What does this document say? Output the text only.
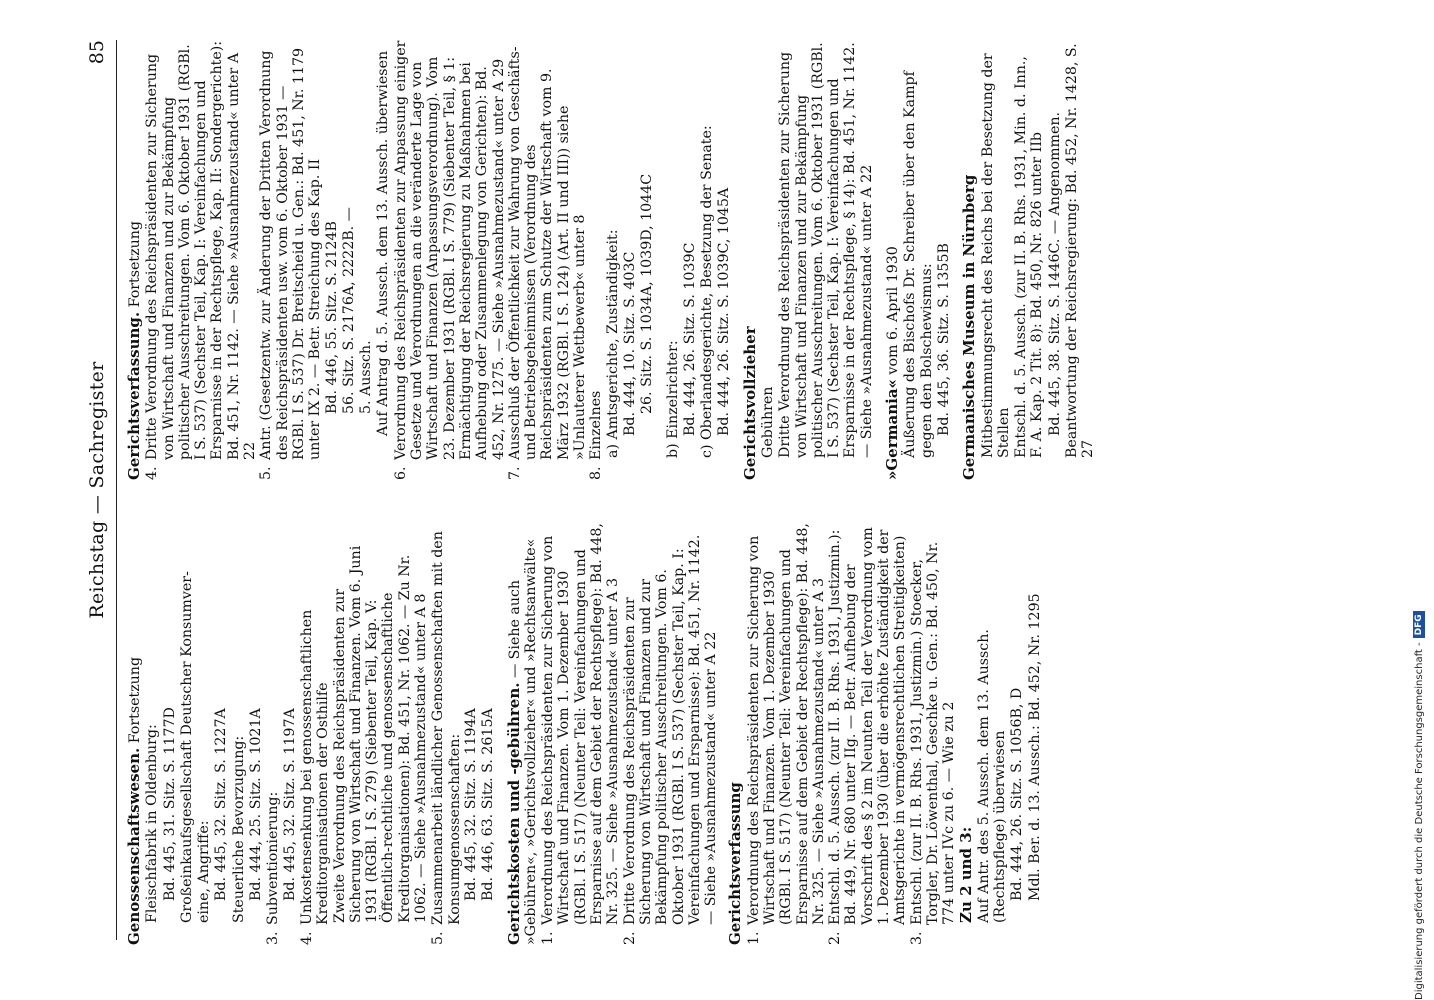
Reichstag — Sachregister
85
Genossenschaftswesen. Fortsetzung
Fleischfabrik in Oldenburg: Bd. 445, 31. Sitz. S. 1177D Großeinkaufsgesellschaft Deutscher Konsumver- eine, Angriffe: Bd. 445, 32. Sitz. S. 1227A Steuerliche Bevorzugung: Bd. 444, 25. Sitz. S. 1021A
3.
Subventionierung: Bd. 445, 32. Sitz. S. 1197A
4.
Unkostensenkung bei genossenschaftlichen Kreditorganisationen der Osthilfe Zweite Verordnung des Reichspräsidenten zur Sicherung von Wirtschaft und Finanzen. Vom 6. Juni 1931 (RGBl. I S. 279) (Siebenter Teil, Kap. V: Öffentlich-rechtliche und genossenschaftliche Kreditorganisationen): Bd. 451, Nr. 1062. — Zu Nr. 1062. — Siehe »Ausnahmezustand« unter A 8
5.
Zusammenarbeit ländlicher Genossenschaften mit den Konsumgenossenschaften: Bd. 445, 32. Sitz. S. 1194A Bd. 446, 63. Sitz. S. 2615A Gerichtskosten und -gebühren. — Siehe auch »Gebühren«, »Gerichtsvollzieher« und »Rechtsanwälte« 1.
Verordnung des Reichspräsidenten zur Sicherung von Wirtschaft und Finanzen. Vom 1. Dezember 1930 (RGBl. I S. 517) (Neunter Teil: Vereinfachungen und Ersparnisse auf dem Gebiet der Rechtspflege): Bd. 448, Nr. 325. — Siehe »Ausnahmezustand« unter A 3
2.
Dritte Verordnung des Reichspräsidenten zur Sicherung von Wirtschaft und Finanzen und zur Bekämpfung politischer Ausschreitungen. Vom 6. Oktober 1931 (RGBl. I S. 537) (Sechster Teil, Kap. I: Vereinfachungen und Ersparnisse): Bd. 451, Nr. 1142. — Siehe »Ausnahmezustand« unter A 22 Gerichtsverfassung 1.
Verordnung des Reichspräsidenten zur Sicherung von Wirtschaft und Finanzen. Vom 1. Dezember 1930 (RGBl. I S. 517) (Neunter Teil: Vereinfachungen und Ersparnisse auf dem Gebiet der Rechtspflege): Bd. 448, Nr. 325. — Siehe »Ausnahmezustand« unter A 3
2.
Entschl. d. 5. Aussch. (zur II. B. Rhs. 1931, Justizmin.): Bd. 449, Nr. 680 unter IIg. — Betr. Aufhebung der Vorschrift des § 2 im Neunten Teil der Verordnung vom 1. Dezember 1930 (über die erhöhte Zuständigkeit der Amtsgerichte in vermögensrechtlichen Streitigkeiten)
3.
Entschl. (zur II. B. Rhs. 1931, Justizmin.) Stoecker, Torgler, Dr. Löwenthal, Geschke u. Gen.: Bd. 450, Nr. 774 unter IVc zu 6. — Wie zu 2 Zu 2 und 3: Auf Antr. des 5. Aussch. dem 13. Aussch. (Rechtspflege) überwiesen Bd. 444, 26. Sitz. S. 1056B, D Mdl. Ber. d. 13. Aussch.: Bd. 452, Nr. 1295
Gerichtsverfassung. Fortsetzung
4.
Dritte Verordnung des Reichspräsidenten zur Sicherung von Wirtschaft und Finanzen und zur Bekämpfung politischer Ausschreitungen. Vom 6. Oktober 1931 (RGBl. I S. 537) (Sechster Teil, Kap. I: Vereinfachungen und Ersparnisse in der Rechtspflege, Kap. II: Sondergerichte): Bd. 451, Nr. 1142. — Siehe »Ausnahmezustand« unter A 22
5.
Antr. (Gesetzentw. zur Änderung der Dritten Verordnung des Reichspräsidenten usw. vom 6. Oktober 1931 — RGBl. I S. 537) Dr. Breitscheid u. Gen.: Bd. 451, Nr. 1179 unter IX 2. — Betr. Streichung des Kap. II Bd. 446, 55. Sitz. S. 2124B 56. Sitz. S. 2176A, 2222B. — 5. Aussch. Auf Antrag d. 5. Aussch. dem 13. Aussch. überwiesen
6.
Verordnung des Reichspräsidenten zur Anpassung einiger Gesetze und Verordnungen an die veränderte Lage von Wirtschaft und Finanzen (Anpassungsverordnung). Vom 23. Dezember 1931 (RGBl. I S. 779) (Siebenter Teil, § 1: Ermächtigung der Reichsregierung zu Maßnahmen bei Aufhebung oder Zusammenlegung von Gerichten): Bd. 452, Nr. 1275. — Siehe »Ausnahmezustand« unter A 29
7.
Ausschluß der Öffentlichkeit zur Wahrung von Geschäfts- und Betriebsgeheimnissen (Verordnung des Reichspräsidenten zum Schutze der Wirtschaft vom 9. März 1932 (RGBl. I S. 124) (Art. II und III)) siehe »Unlauterer Wettbewerb« unter 8
8.
Einzelnes a) Amtsgerichte, Zuständigkeit: Bd. 444, 10. Sitz. S. 403C 26. Sitz. S. 1034A, 1039D, 1044C b) Einzelrichter: Bd. 444, 26. Sitz. S. 1039C c) Oberlandesgerichte, Besetzung der Senate: Bd. 444, 26. Sitz. S. 1039C, 1045A Gerichtsvollzieher Gebühren Dritte Verordnung des Reichspräsidenten zur Sicherung von Wirtschaft und Finanzen und zur Bekämpfung politischer Ausschreitungen. Vom 6. Oktober 1931 (RGBl. I S. 537) (Sechster Teil, Kap. I: Vereinfachungen und Ersparnisse in der Rechtspflege, § 14): Bd. 451, Nr. 1142. — Siehe »Ausnahmezustand« unter A 22 »Germania« vom 6. April 1930 Äußerung des Bischofs Dr. Schreiber über den Kampf gegen den Bolschewismus: Bd. 445, 36. Sitz. S. 1355B Germanisches Museum in Nürnberg Mitbestimmungsrecht des Reichs bei der Besetzung der Stellen Entschl. d. 5. Aussch. (zur II. B. Rhs. 1931, Min. d. Inn., F. A. Kap. 2 Tit. 8): Bd. 450, Nr. 826 unter IIb Bd. 445, 38. Sitz. S. 1446C. — Angenommen. Beantwortung der Reichsregierung: Bd. 452, Nr. 1428, S. 27
Digitalisierung gefördert durch die Deutsche Forschungsgemeinschaft -
DFG
